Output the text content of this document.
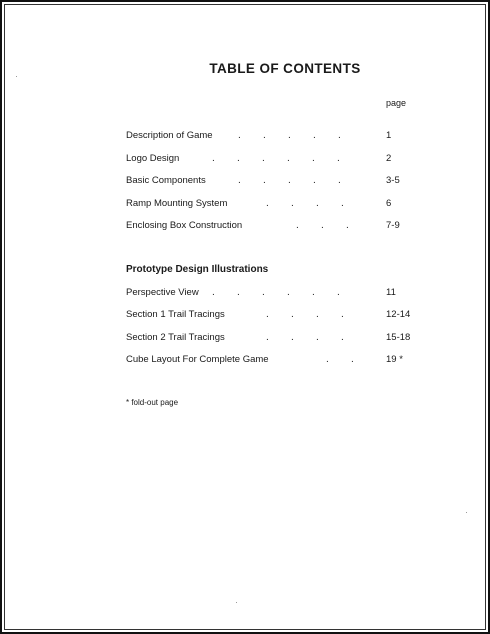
TABLE OF CONTENTS
page
Description of Game	.        .        .        .        .	1
Logo Design	.        .        .        .        .        .	2
Basic Components	.        .        .        .        .	3-5
Ramp Mounting System	.        .        .        .	6
Enclosing Box Construction	.        .        .	7-9
Prototype Design Illustrations
Perspective View .        .        .        .        .        .	11
Section 1 Trail Tracings	.        .        .        .	12-14
Section 2 Trail Tracings	.        .        .        .	15-18
Cube Layout For Complete Game	.        .	19 *
* fold-out page
